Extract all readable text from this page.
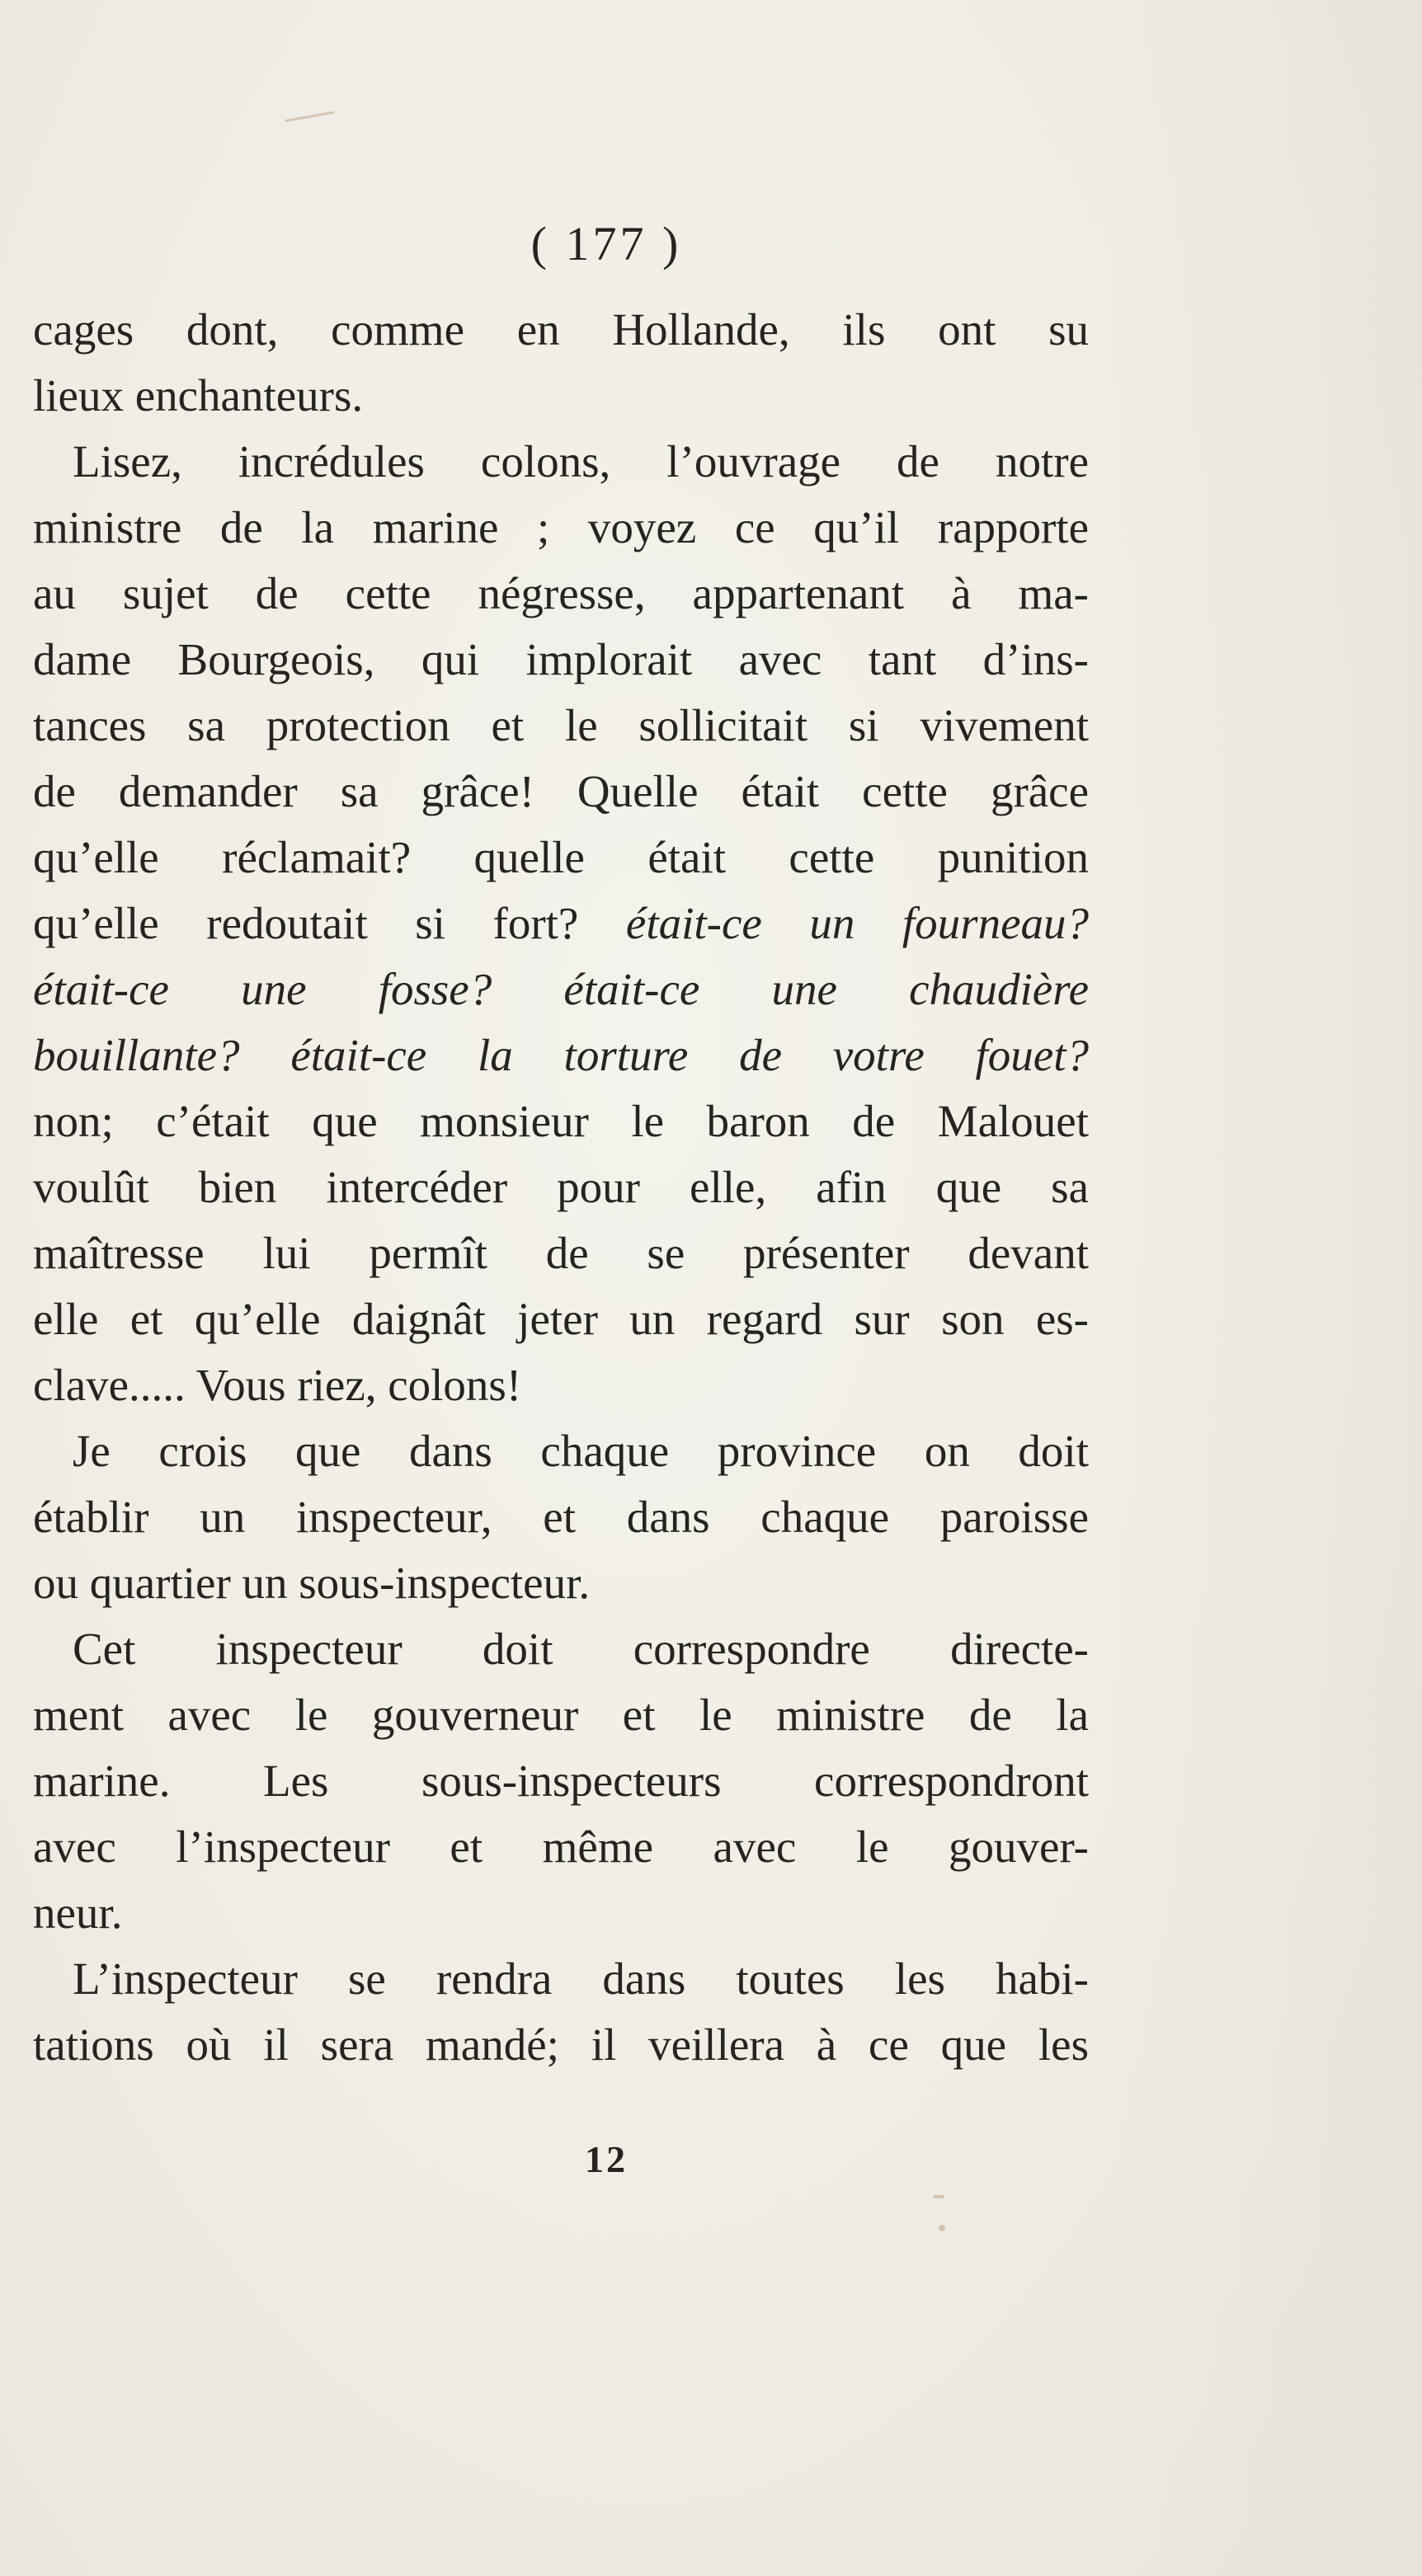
( 177 )
cages dont, comme en Hollande, ils ont su
lieux enchanteurs.
Lisez, incrédules colons, l’ouvrage de notre
ministre de la marine ; voyez ce qu’il rapporte
au sujet de cette négresse, appartenant à ma-
dame Bourgeois, qui implorait avec tant d’ins-
tances sa protection et le sollicitait si vivement
de demander sa grâce! Quelle était cette grâce
qu’elle réclamait? quelle était cette punition
qu’elle redoutait si fort? était-ce un fourneau?
était-ce une fosse? était-ce une chaudière
bouillante? était-ce la torture de votre fouet?
non; c’était que monsieur le baron de Malouet
voulût bien intercéder pour elle, afin que sa
maîtresse lui permît de se présenter devant
elle et qu’elle daignât jeter un regard sur son es-
clave..... Vous riez, colons!
Je crois que dans chaque province on doit
établir un inspecteur, et dans chaque paroisse
ou quartier un sous-inspecteur.
Cet inspecteur doit correspondre directe-
ment avec le gouverneur et le ministre de la
marine. Les sous-inspecteurs correspondront
avec l’inspecteur et même avec le gouver-
neur.
L’inspecteur se rendra dans toutes les habi-
tations où il sera mandé; il veillera à ce que les
12
